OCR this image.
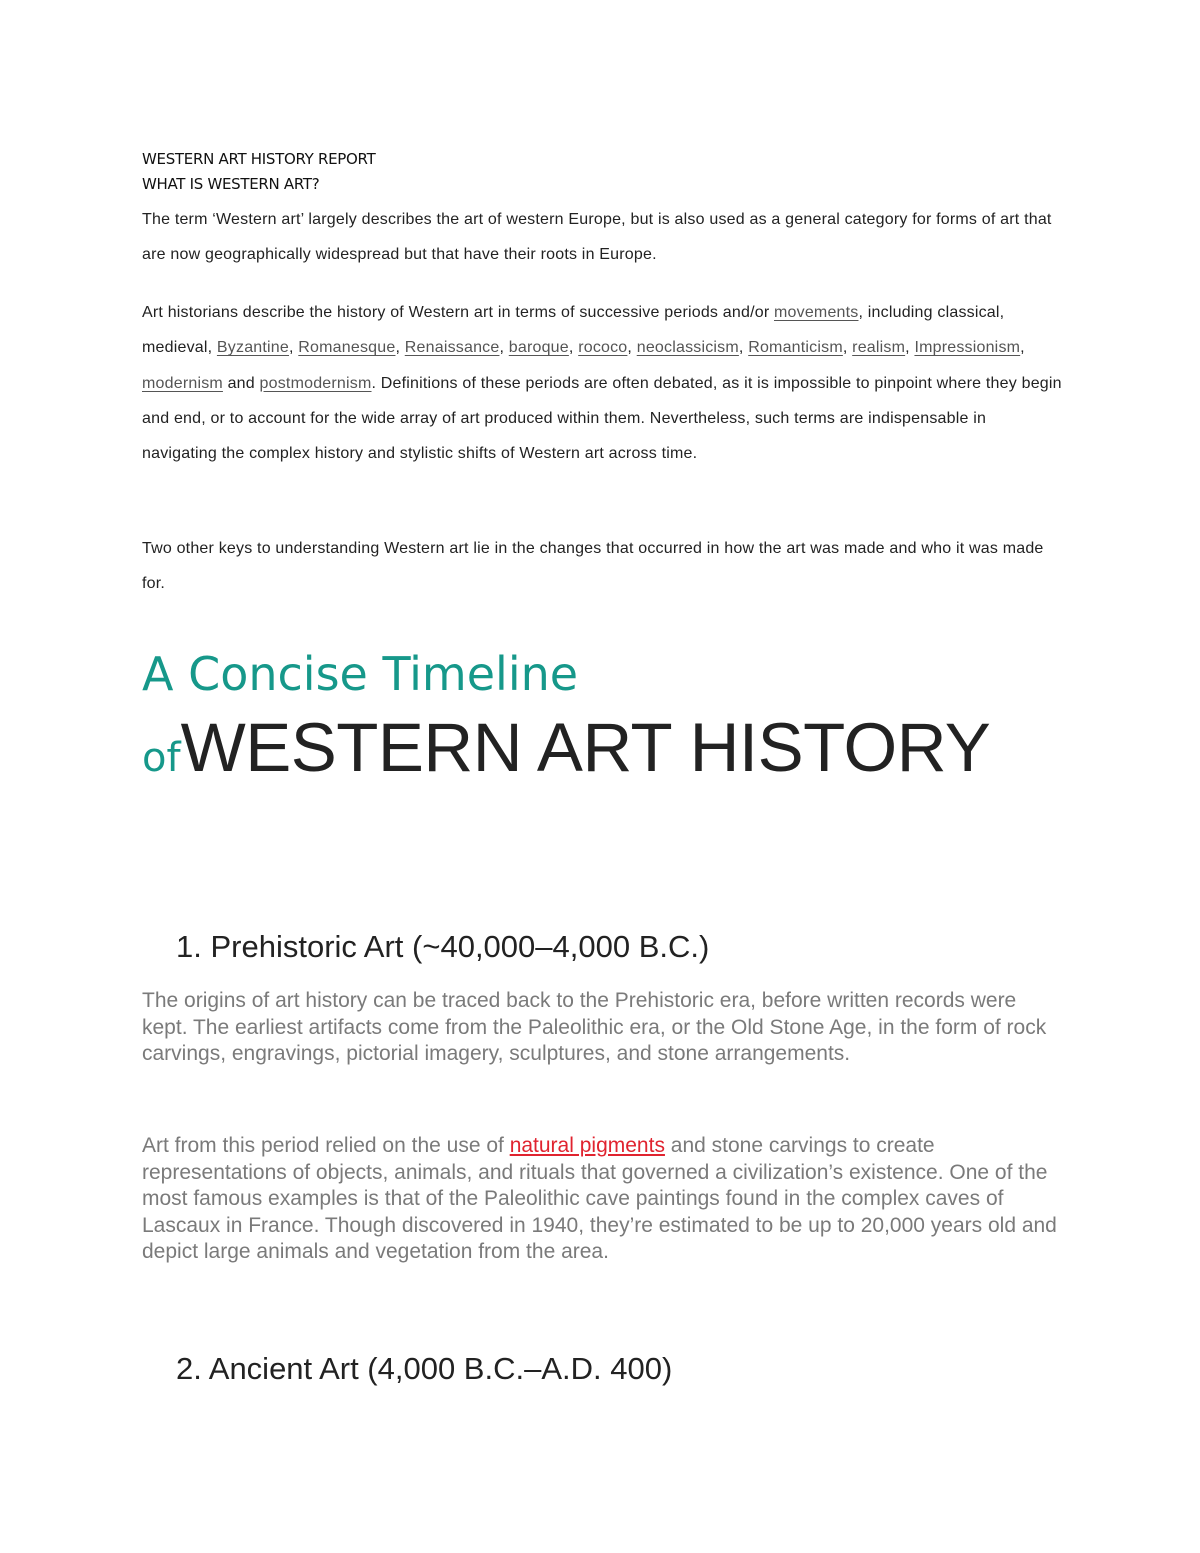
WESTERN ART HISTORY REPORT
WHAT IS WESTERN ART?
The term ‘Western art’ largely describes the art of western Europe, but is also used as a general category for forms of art that are now geographically widespread but that have their roots in Europe.
Art historians describe the history of Western art in terms of successive periods and/or movements, including classical,
medieval, Byzantine, Romanesque, Renaissance, baroque, rococo, neoclassicism, Romanticism, realism, Impressionism, modernism and postmodernism. Definitions of these periods are often debated, as it is impossible to pinpoint where they begin and end, or to account for the wide array of art produced within them. Nevertheless, such terms are indispensable in navigating the complex history and stylistic shifts of Western art across time.
Two other keys to understanding Western art lie in the changes that occurred in how the art was made and who it was made for.
A Concise Timeline
ofWESTERN ART HISTORY
1. Prehistoric Art (~40,000–4,000 B.C.)
The origins of art history can be traced back to the Prehistoric era, before written records were kept. The earliest artifacts come from the Paleolithic era, or the Old Stone Age, in the form of rock carvings, engravings, pictorial imagery, sculptures, and stone arrangements.
Art from this period relied on the use of natural pigments and stone carvings to create representations of objects, animals, and rituals that governed a civilization’s existence. One of the most famous examples is that of the Paleolithic cave paintings found in the complex caves of Lascaux in France. Though discovered in 1940, they’re estimated to be up to 20,000 years old and depict large animals and vegetation from the area.
2. Ancient Art (4,000 B.C.–A.D. 400)
